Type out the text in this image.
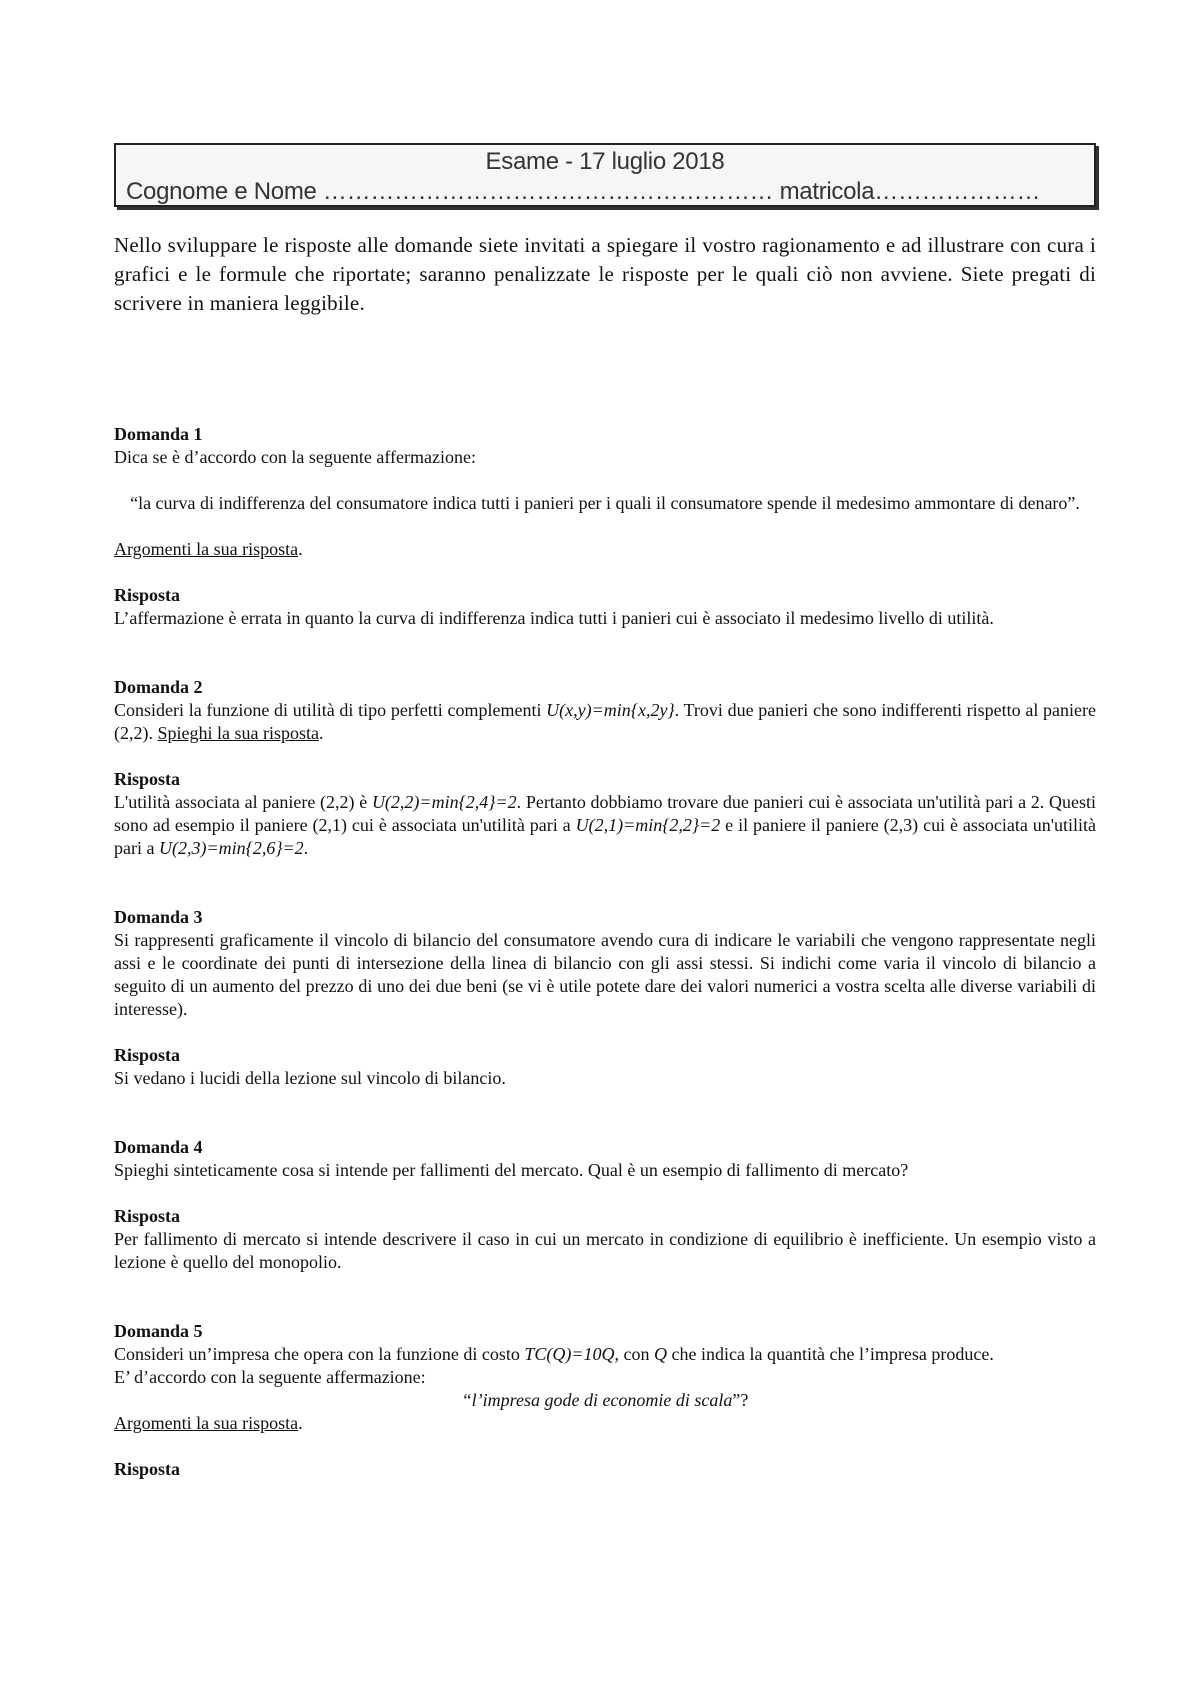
Esame - 17 luglio 2018
Cognome e Nome ………………………………………………… matricola…………………

Nello sviluppare le risposte alle domande siete invitati a spiegare il vostro ragionamento e ad illustrare con cura i grafici e le formule che riportate; saranno penalizzate le risposte per le quali ciò non avviene. Siete pregati di scrivere in maniera leggibile.

Domanda 1
Dica se è d’accordo con la seguente affermazione:
“la curva di indifferenza del consumatore indica tutti i panieri per i quali il consumatore spende il medesimo ammontare di denaro”.
Argomenti la sua risposta.
Risposta
L’affermazione è errata in quanto la curva di indifferenza indica tutti i panieri cui è associato il medesimo livello di utilità.
Domanda 2
Consideri la funzione di utilità di tipo perfetti complementi U(x,y)=min{x,2y}. Trovi due panieri che sono indifferenti rispetto al paniere (2,2). Spieghi la sua risposta.
Risposta
L'utilità associata al paniere (2,2) è U(2,2)=min{2,4}=2. Pertanto dobbiamo trovare due panieri cui è associata un'utilità pari a 2. Questi sono ad esempio il paniere (2,1) cui è associata un'utilità pari a U(2,1)=min{2,2}=2 e il paniere il paniere (2,3) cui è associata un'utilità pari a U(2,3)=min{2,6}=2.
Domanda 3
Si rappresenti graficamente il vincolo di bilancio del consumatore avendo cura di indicare le variabili che vengono rappresentate negli assi e le coordinate dei punti di intersezione della linea di bilancio con gli assi stessi. Si indichi come varia il vincolo di bilancio a seguito di un aumento del prezzo di uno dei due beni (se vi è utile potete dare dei valori numerici a vostra scelta alle diverse variabili di interesse).
Risposta
Si vedano i lucidi della lezione sul vincolo di bilancio.
Domanda 4
Spieghi sinteticamente cosa si intende per fallimenti del mercato. Qual è un esempio di fallimento di mercato?
Risposta
Per fallimento di mercato si intende descrivere il caso in cui un mercato in condizione di equilibrio è inefficiente. Un esempio visto a lezione è quello del monopolio.
Domanda 5
Consideri un’impresa che opera con la funzione di costo TC(Q)=10Q, con Q che indica la quantità che l’impresa produce.
E’ d’accordo con la seguente affermazione:
“l’impresa gode di economie di scala”?
Argomenti la sua risposta.
Risposta
